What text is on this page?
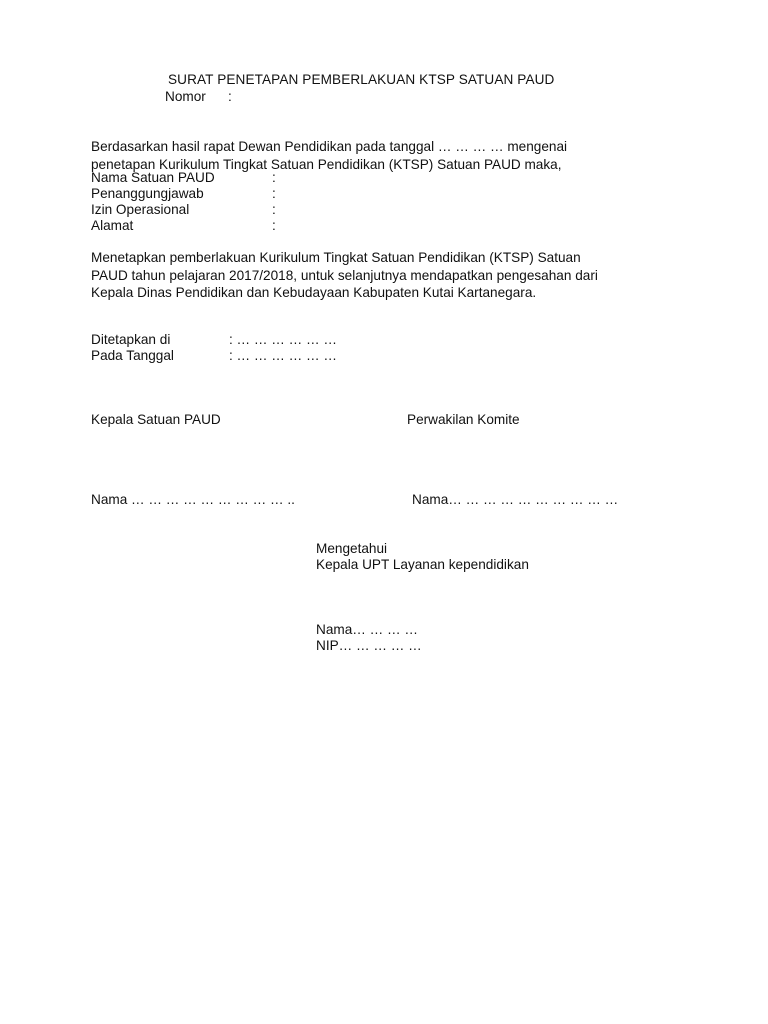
SURAT PENETAPAN PEMBERLAKUAN KTSP SATUAN PAUD
Nomor :
Berdasarkan hasil rapat Dewan Pendidikan pada tanggal … … … … mengenai
penetapan Kurikulum Tingkat Satuan Pendidikan (KTSP) Satuan PAUD maka,
Nama Satuan PAUD	:
Penanggungjawab	:
Izin Operasional	:
Alamat	:
Menetapkan pemberlakuan Kurikulum Tingkat Satuan Pendidikan (KTSP) Satuan
PAUD tahun pelajaran 2017/2018, untuk selanjutnya mendapatkan pengesahan dari
Kepala Dinas Pendidikan dan Kebudayaan Kabupaten Kutai Kartanegara.
Ditetapkan di	: … … … … … …
Pada Tanggal	: … … … … … …
Kepala Satuan PAUD	Perwakilan Komite
Nama … … … … … … … … … ..	Nama… … … … … … … … … …
Mengetahui
Kepala UPT Layanan kependidikan
Nama… … … …
NIP… … … … …
